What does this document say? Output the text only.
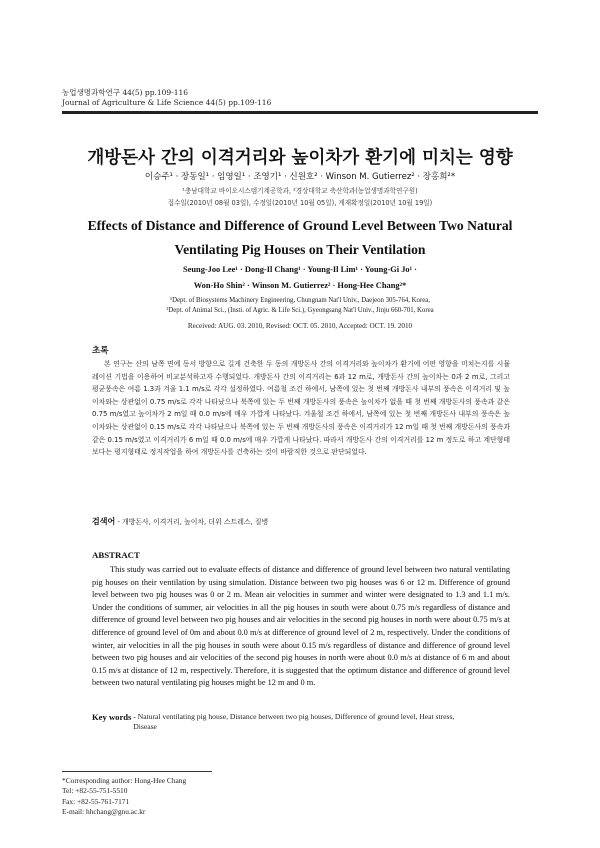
농업생명과학연구 44(5) pp.109-116
Journal of Agriculture & Life Science 44(5) pp.109-116
개방돈사 간의 이격거리와 높이차가 환기에 미치는 영향
이승주¹ · 장동일¹ · 임영일¹ · 조영기¹ · 신원호² · Winson M. Gutierrez² · 장홍희²*
¹충남대학교 바이오시스템기계공학과, ²경상대학교 축산학과(농업생명과학연구원)
접수일(2010년 08월 03일), 수정일(2010년 10월 05일), 게재확정일(2010년 10월 19일)
Effects of Distance and Difference of Ground Level Between Two Natural
Ventilating Pig Houses on Their Ventilation
Seung-Joo Lee¹ · Dong-Il Chang¹ · Young-Il Lim¹ · Young-Gi Jo¹ ·
Won-Ho Shin² · Winson M. Gutierrez² · Hong-Hee Chang²*
¹Dept. of Biosystems Machinery Engineering, Chungnam Nat'l Univ., Daejeon 305-764, Korea,
²Dept. of Animal Sci., (Insti. of Agric. & Life Sci.), Gyeongsang Nat'l Univ., Jinju 660-701, Korea
Received: AUG. 03. 2010, Revised: OCT. 05. 2010, Accepted: OCT. 19. 2010
초록
본 연구는 산의 남쪽 면에 동서 방향으로 길게 건축한 두 동의 개방돈사 간의 이격거리와 높이차가 환기에 어떤 영향을 미치는지를 시뮬레이션 기법을 이용하여 비교분석하고자 수행되었다. 개방돈사 간의 이격거리는 6과 12 m로, 개방돈사 간의 높이차는 0과 2 m로, 그리고 평균풍속은 여름 1.3과 겨울 1.1 m/s로 각각 설정하였다. 여름철 조건 하에서, 남쪽에 있는 첫 번째 개방돈사 내부의 풍속은 이격거리 및 높이차와는 상관없이 0.75 m/s로 각각 나타났으나 북쪽에 있는 두 번째 개방돈사의 풍속은 높이차가 없을 때 첫 번째 개방돈사의 풍속과 같은 0.75 m/s였고 높이차가 2 m일 때 0.0 m/s에 매우 가깝게 나타났다. 겨울철 조건 하에서, 남쪽에 있는 첫 번째 개방돈사 내부의 풍속은 높이차와는 상관없이 0.15 m/s로 각각 나타났으나 북쪽에 있는 두 번째 개방돈사의 풍속은 이격거리가 12 m일 때 첫 번째 개방돈사의 풍속과 같은 0.15 m/s였고 이격거리가 6 m일 때 0.0 m/s에 매우 가깝게 나타났다. 따라서 개방돈사 간의 이격거리를 12 m 정도로 하고 계단형태보다는 평지형태로 정지작업을 하여 개방돈사를 건축하는 것이 바람직한 것으로 판단되었다.
검색어 - 개방돈사, 이격거리, 높이차, 더위 스트레스, 질병
ABSTRACT
This study was carried out to evaluate effects of distance and difference of ground level between two natural ventilating pig houses on their ventilation by using simulation. Distance between two pig houses was 6 or 12 m. Difference of ground level between two pig houses was 0 or 2 m. Mean air velocities in summer and winter were designated to 1.3 and 1.1 m/s. Under the conditions of summer, air velocities in all the pig houses in south were about 0.75 m/s regardless of distance and difference of ground level between two pig houses and air velocities in the second pig houses in north were about 0.75 m/s at difference of ground level of 0m and about 0.0 m/s at difference of ground level of 2 m, respectively. Under the conditions of winter, air velocities in all the pig houses in south were about 0.15 m/s regardless of distance and difference of ground level between two pig houses and air velocities of the second pig houses in north were about 0.0 m/s at distance of 6 m and about 0.15 m/s at distance of 12 m, respectively. Therefore, it is suggested that the optimum distance and difference of ground level between two natural ventilating pig houses might be 12 m and 0 m.
Key words - Natural ventilating pig house, Distance between two pig houses, Difference of ground level, Heat stress, Disease
*Corresponding author: Hong-Hee Chang
Tel: +82-55-751-5510
Fax: +82-55-761-7171
E-mail: hhchang@gnu.ac.kr
